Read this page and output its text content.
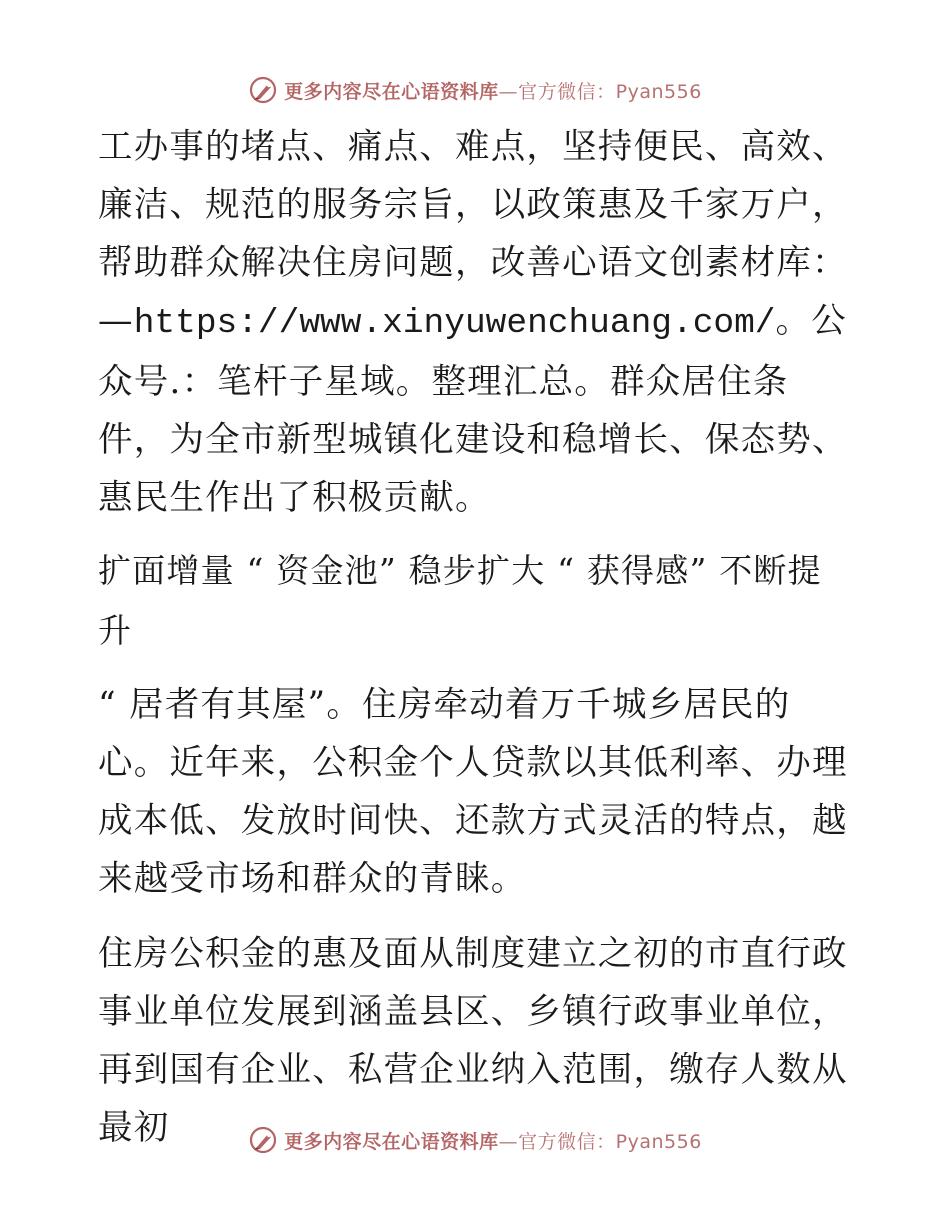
更多内容尽在心语资料库—官方微信：Pyan556

工办事的堵点、痛点、难点，坚持便民、高效、廉洁、规范的服务宗旨，以政策惠及千家万户，帮助群众解决住房问题，改善心语文创素材库：—https://www.xinyuwenchuang.com/。公众号.：笔杆子星域。整理汇总。群众居住条件，为全市新型城镇化建设和稳增长、保态势、惠民生作出了积极贡献。

扩面增量 “ 资金池” 稳步扩大 “ 获得感” 不断提升

“ 居者有其屋”。住房牵动着万千城乡居民的心。近年来，公积金个人贷款以其低利率、办理成本低、发放时间快、还款方式灵活的特点，越来越受市场和群众的青睐。

住房公积金的惠及面从制度建立之初的市直行政事业单位发展到涵盖县区、乡镇行政事业单位，再到国有企业、私营企业纳入范围，缴存人数从最初	更多内容尽在心语资料库—官方微信：Pyan556
